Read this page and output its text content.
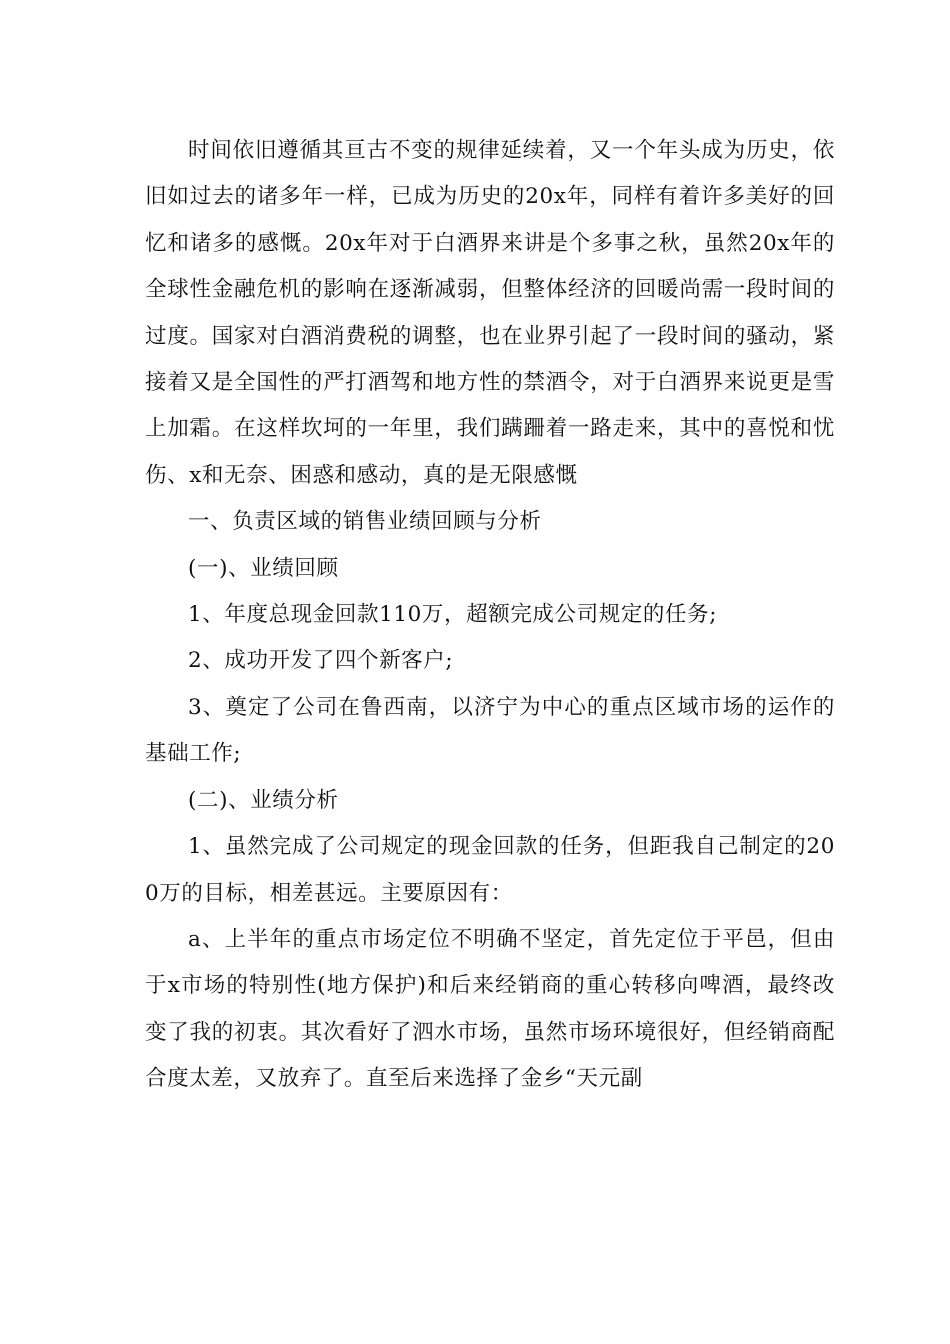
时间依旧遵循其亘古不变的规律延续着，又一个年头成为历史，依旧如过去的诸多年一样，已成为历史的20x年，同样有着许多美好的回忆和诸多的感慨。20x年对于白酒界来讲是个多事之秋，虽然20x年的全球性金融危机的影响在逐渐减弱，但整体经济的回暖尚需一段时间的过度。国家对白酒消费税的调整，也在业界引起了一段时间的骚动，紧接着又是全国性的严打酒驾和地方性的禁酒令，对于白酒界来说更是雪上加霜。在这样坎坷的一年里，我们蹒跚着一路走来，其中的喜悦和忧伤、x和无奈、困惑和感动，真的是无限感慨

一、负责区域的销售业绩回顾与分析

(一)、业绩回顾

1、年度总现金回款110万，超额完成公司规定的任务;

2、成功开发了四个新客户;

3、奠定了公司在鲁西南，以济宁为中心的重点区域市场的运作的基础工作;

(二)、业绩分析

1、虽然完成了公司规定的现金回款的任务，但距我自己制定的200万的目标，相差甚远。主要原因有：

a、上半年的重点市场定位不明确不坚定，首先定位于平邑，但由于x市场的特别性(地方保护)和后来经销商的重心转移向啤酒，最终改变了我的初衷。其次看好了泗水市场，虽然市场环境很好，但经销商配合度太差，又放弃了。直至后来选择了金乡“天元副
